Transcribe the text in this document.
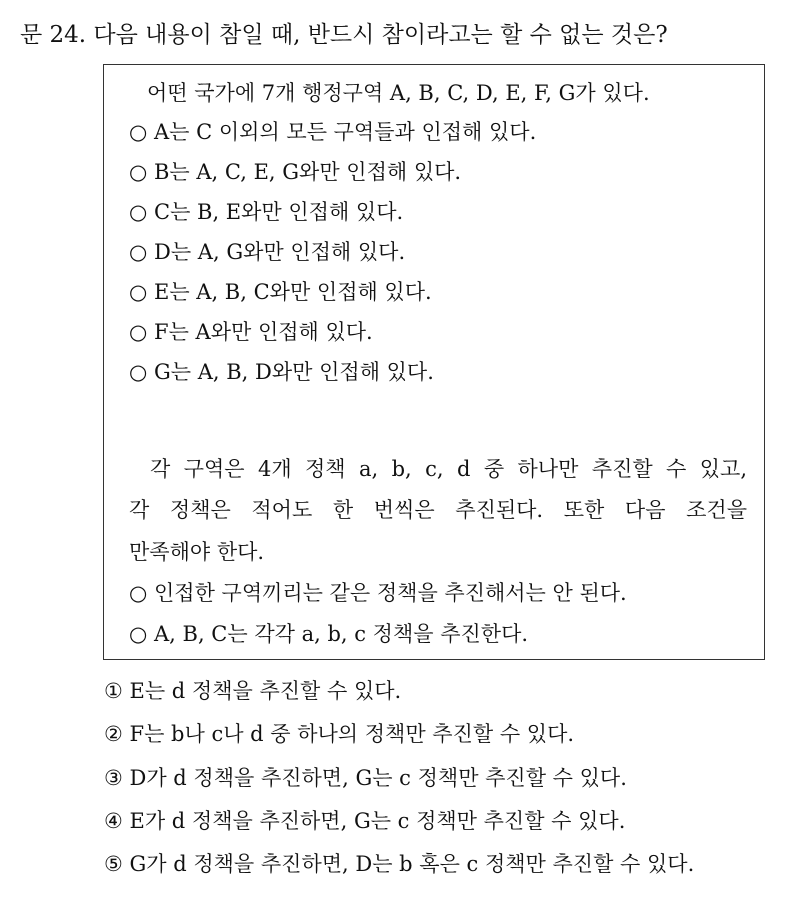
문 24. 다음 내용이 참일 때, 반드시 참이라고는 할 수 없는 것은?
어떤 국가에 7개 행정구역 A, B, C, D, E, F, G가 있다.
○ A는 C 이외의 모든 구역들과 인접해 있다.
○ B는 A, C, E, G와만 인접해 있다.
○ C는 B, E와만 인접해 있다.
○ D는 A, G와만 인접해 있다.
○ E는 A, B, C와만 인접해 있다.
○ F는 A와만 인접해 있다.
○ G는 A, B, D와만 인접해 있다.
각 구역은 4개 정책 a, b, c, d 중 하나만 추진할 수 있고,
각 정책은 적어도 한 번씩은 추진된다. 또한 다음 조건을
만족해야 한다.
○ 인접한 구역끼리는 같은 정책을 추진해서는 안 된다.
○ A, B, C는 각각 a, b, c 정책을 추진한다.
① E는 d 정책을 추진할 수 있다.
② F는 b나 c나 d 중 하나의 정책만 추진할 수 있다.
③ D가 d 정책을 추진하면, G는 c 정책만 추진할 수 있다.
④ E가 d 정책을 추진하면, G는 c 정책만 추진할 수 있다.
⑤ G가 d 정책을 추진하면, D는 b 혹은 c 정책만 추진할 수 있다.
